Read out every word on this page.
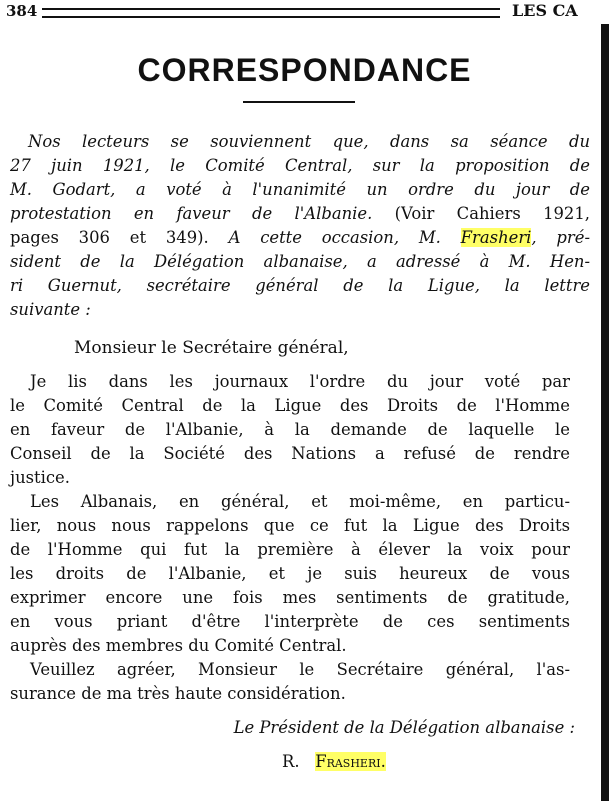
384	LES CA
CORRESPONDANCE
Nos lecteurs se souviennent que, dans sa séance du
27 juin 1921, le Comité Central, sur la proposition de
M. Godart, a voté à l'unanimité un ordre du jour de
protestation en faveur de l'Albanie. (Voir Cahiers 1921,
pages 306 et 349). A cette occasion, M. Frasheri, pré-
sident de la Délégation albanaise, a adressé à M. Hen-
ri Guernut, secrétaire général de la Ligue, la lettre
suivante :
Monsieur le Secrétaire général,
Je lis dans les journaux l'ordre du jour voté par
le Comité Central de la Ligue des Droits de l'Homme
en faveur de l'Albanie, à la demande de laquelle le
Conseil de la Société des Nations a refusé de rendre
justice.
Les Albanais, en général, et moi-même, en particu-
lier, nous nous rappelons que ce fut la Ligue des Droits
de l'Homme qui fut la première à élever la voix pour
les droits de l'Albanie, et je suis heureux de vous
exprimer encore une fois mes sentiments de gratitude,
en vous priant d'être l'interprète de ces sentiments
auprès des membres du Comité Central.
Veuillez agréer, Monsieur le Secrétaire général, l'as-
surance de ma très haute considération.
Le Président de la Délégation albanaise :
R. Frasheri.
